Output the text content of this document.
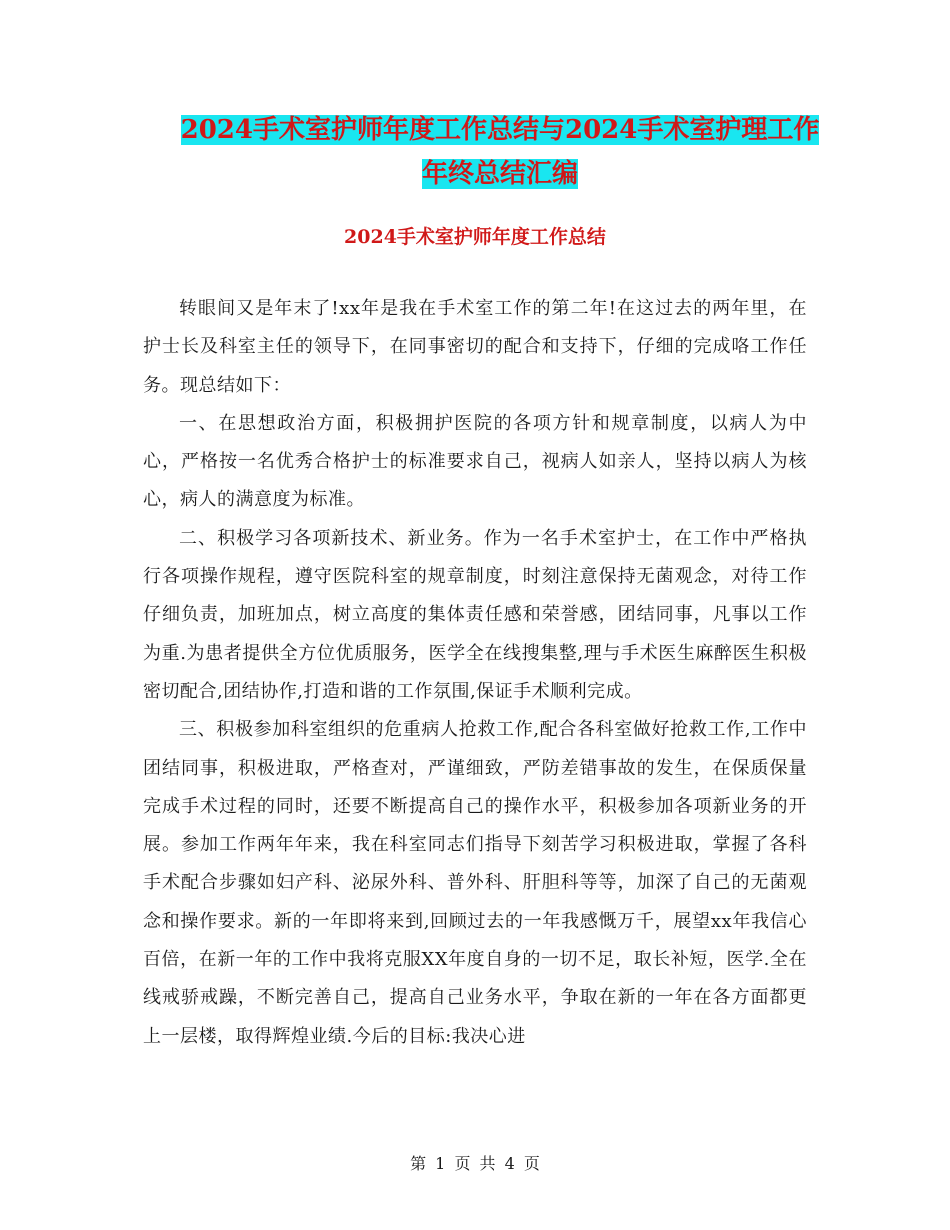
2024手术室护师年度工作总结与2024手术室护理工作
年终总结汇编
2024手术室护师年度工作总结

转眼间又是年末了!xx年是我在手术室工作的第二年!在这过去的两年里，在护士长及科室主任的领导下，在同事密切的配合和支持下，仔细的完成咯工作任务。现总结如下：

一、在思想政治方面，积极拥护医院的各项方针和规章制度，以病人为中心，严格按一名优秀合格护士的标准要求自己，视病人如亲人，坚持以病人为核心，病人的满意度为标准。

二、积极学习各项新技术、新业务。作为一名手术室护士，在工作中严格执行各项操作规程，遵守医院科室的规章制度，时刻注意保持无菌观念，对待工作仔细负责，加班加点，树立高度的集体责任感和荣誉感，团结同事，凡事以工作为重.为患者提供全方位优质服务，医学全在线搜集整,理与手术医生麻醉医生积极密切配合,团结协作,打造和谐的工作氛围,保证手术顺利完成。

三、积极参加科室组织的危重病人抢救工作,配合各科室做好抢救工作,工作中团结同事，积极进取，严格查对，严谨细致，严防差错事故的发生，在保质保量完成手术过程的同时，还要不断提高自己的操作水平，积极参加各项新业务的开展。参加工作两年年来，我在科室同志们指导下刻苦学习积极进取，掌握了各科手术配合步骤如妇产科、泌尿外科、普外科、肝胆科等等，加深了自己的无菌观念和操作要求。新的一年即将来到,回顾过去的一年我感慨万千，展望xx年我信心百倍，在新一年的工作中我将克服XX年度自身的一切不足，取长补短，医学.全在线戒骄戒躁，不断完善自己，提高自己业务水平，争取在新的一年在各方面都更上一层楼，取得辉煌业绩.今后的目标:我决心进

第 1 页 共 4 页
